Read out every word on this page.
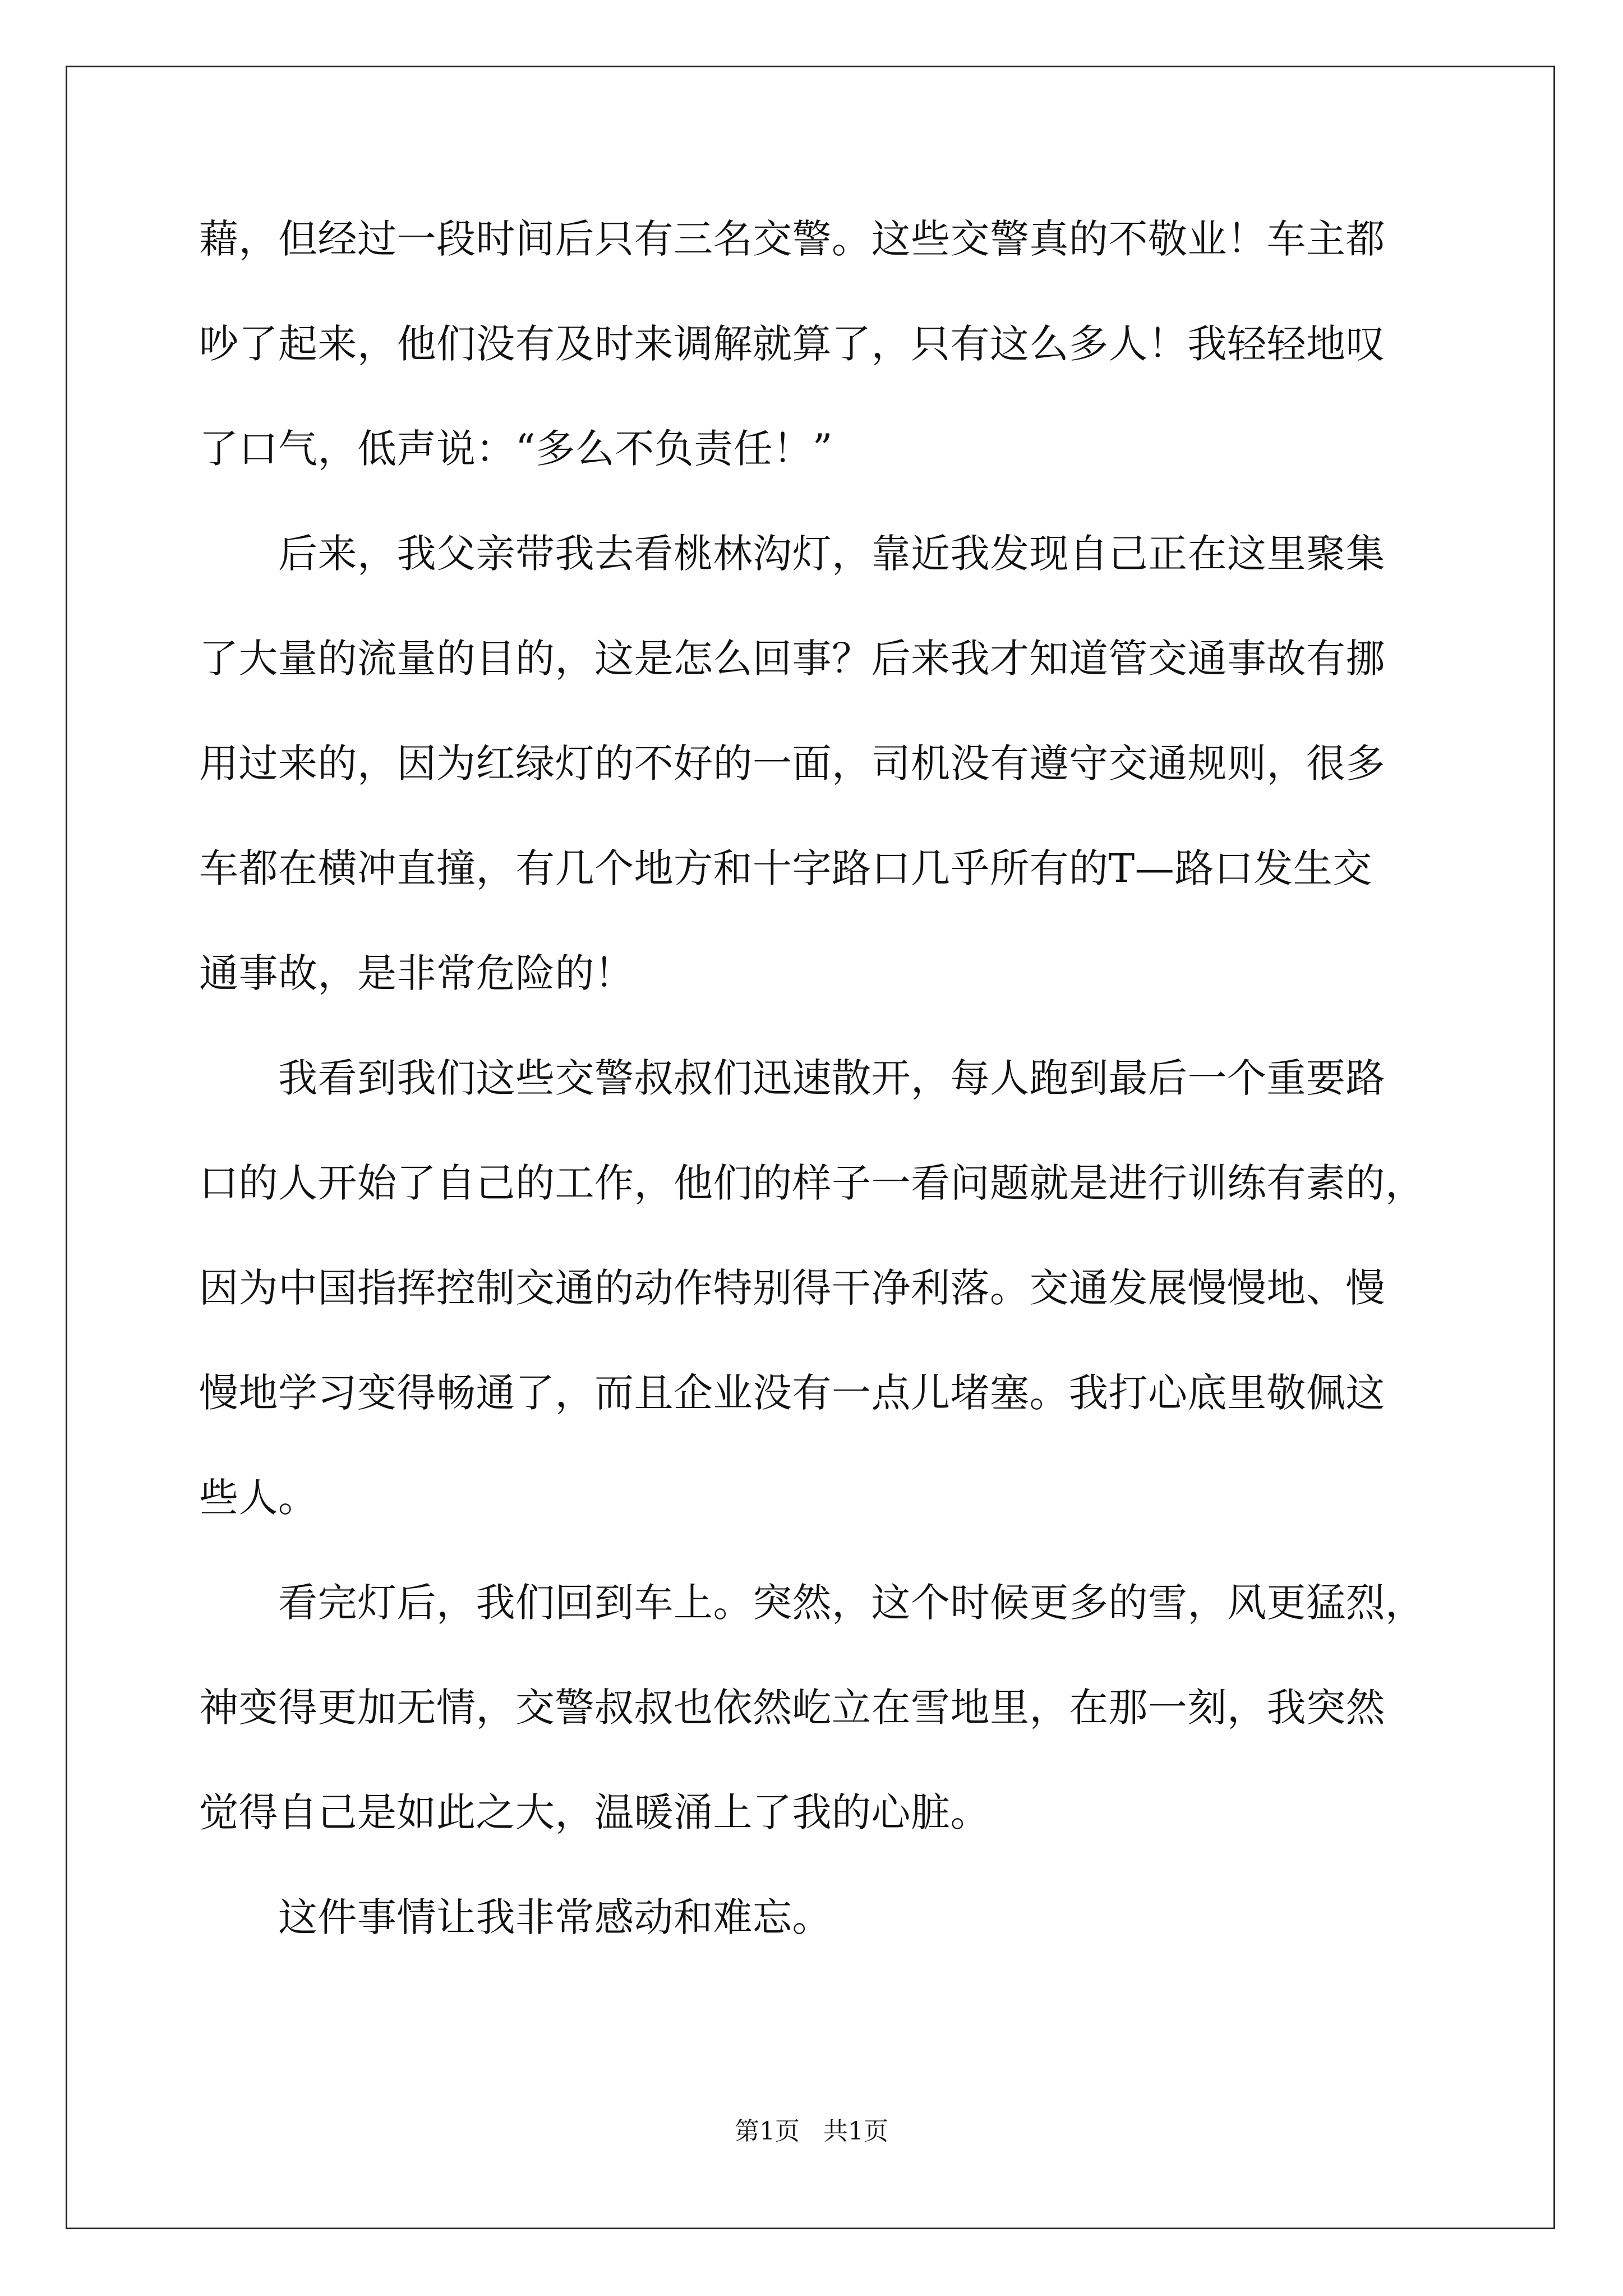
藉，但经过一段时间后只有三名交警。这些交警真的不敬业！车主都
吵了起来，他们没有及时来调解就算了，只有这么多人！我轻轻地叹
了口气，低声说：“多么不负责任！”
　　后来，我父亲带我去看桃林沟灯，靠近我发现自己正在这里聚集
了大量的流量的目的，这是怎么回事？后来我才知道管交通事故有挪
用过来的，因为红绿灯的不好的一面，司机没有遵守交通规则，很多
车都在横冲直撞，有几个地方和十字路口几乎所有的T—路口发生交
通事故，是非常危险的！
　　我看到我们这些交警叔叔们迅速散开，每人跑到最后一个重要路
口的人开始了自己的工作，他们的样子一看问题就是进行训练有素的，
因为中国指挥控制交通的动作特别得干净利落。交通发展慢慢地、慢
慢地学习变得畅通了，而且企业没有一点儿堵塞。我打心底里敬佩这
些人。
　　看完灯后，我们回到车上。突然，这个时候更多的雪，风更猛烈，
神变得更加无情，交警叔叔也依然屹立在雪地里，在那一刻，我突然
觉得自己是如此之大，温暖涌上了我的心脏。
　　这件事情让我非常感动和难忘。
第1页 共1页
